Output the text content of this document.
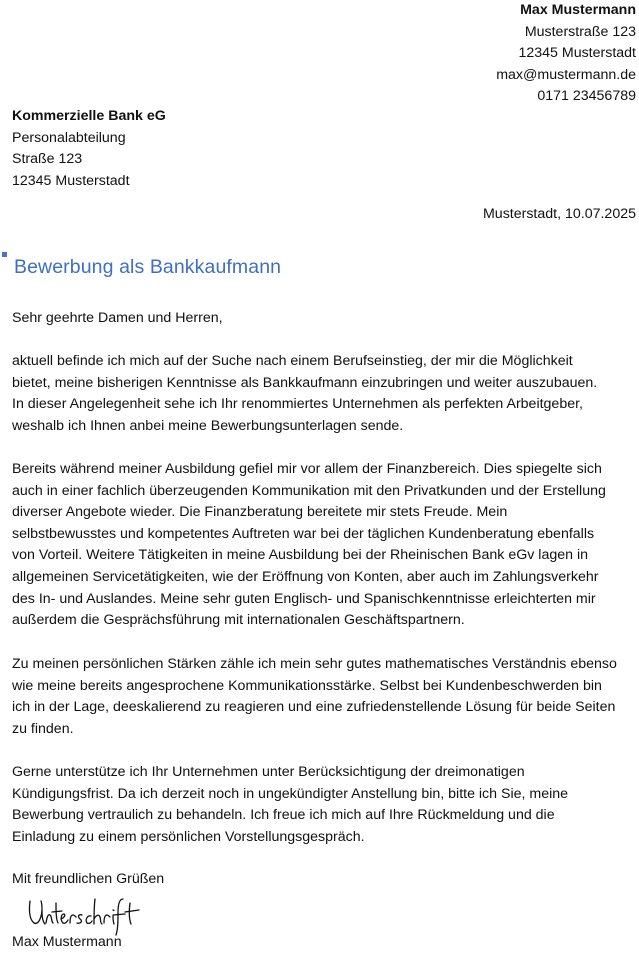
Max Mustermann
Musterstraße 123
12345 Musterstadt
max@mustermann.de
0171 23456789
Kommerzielle Bank eG
Personalabteilung
Straße 123
12345 Musterstadt
Musterstadt, 10.07.2025
Bewerbung als Bankkaufmann
Sehr geehrte Damen und Herren,
aktuell befinde ich mich auf der Suche nach einem Berufseinstieg, der mir die Möglichkeit
bietet, meine bisherigen Kenntnisse als Bankkaufmann einzubringen und weiter auszubauen.
In dieser Angelegenheit sehe ich Ihr renommiertes Unternehmen als perfekten Arbeitgeber,
weshalb ich Ihnen anbei meine Bewerbungsunterlagen sende.
Bereits während meiner Ausbildung gefiel mir vor allem der Finanzbereich. Dies spiegelte sich
auch in einer fachlich überzeugenden Kommunikation mit den Privatkunden und der Erstellung
diverser Angebote wieder. Die Finanzberatung bereitete mir stets Freude. Mein
selbstbewusstes und kompetentes Auftreten war bei der täglichen Kundenberatung ebenfalls
von Vorteil. Weitere Tätigkeiten in meine Ausbildung bei der Rheinischen Bank eGv lagen in
allgemeinen Servicetätigkeiten, wie der Eröffnung von Konten, aber auch im Zahlungsverkehr
des In- und Auslandes. Meine sehr guten Englisch- und Spanischkenntnisse erleichterten mir
außerdem die Gesprächsführung mit internationalen Geschäftspartnern.
Zu meinen persönlichen Stärken zähle ich mein sehr gutes mathematisches Verständnis ebenso
wie meine bereits angesprochene Kommunikationsstärke. Selbst bei Kundenbeschwerden bin
ich in der Lage, deeskalierend zu reagieren und eine zufriedenstellende Lösung für beide Seiten
zu finden.
Gerne unterstütze ich Ihr Unternehmen unter Berücksichtigung der dreimonatigen
Kündigungsfrist. Da ich derzeit noch in ungekündigter Anstellung bin, bitte ich Sie, meine
Bewerbung vertraulich zu behandeln. Ich freue ich mich auf Ihre Rückmeldung und die
Einladung zu einem persönlichen Vorstellungsgespräch.
Mit freundlichen Grüßen
Max Mustermann
